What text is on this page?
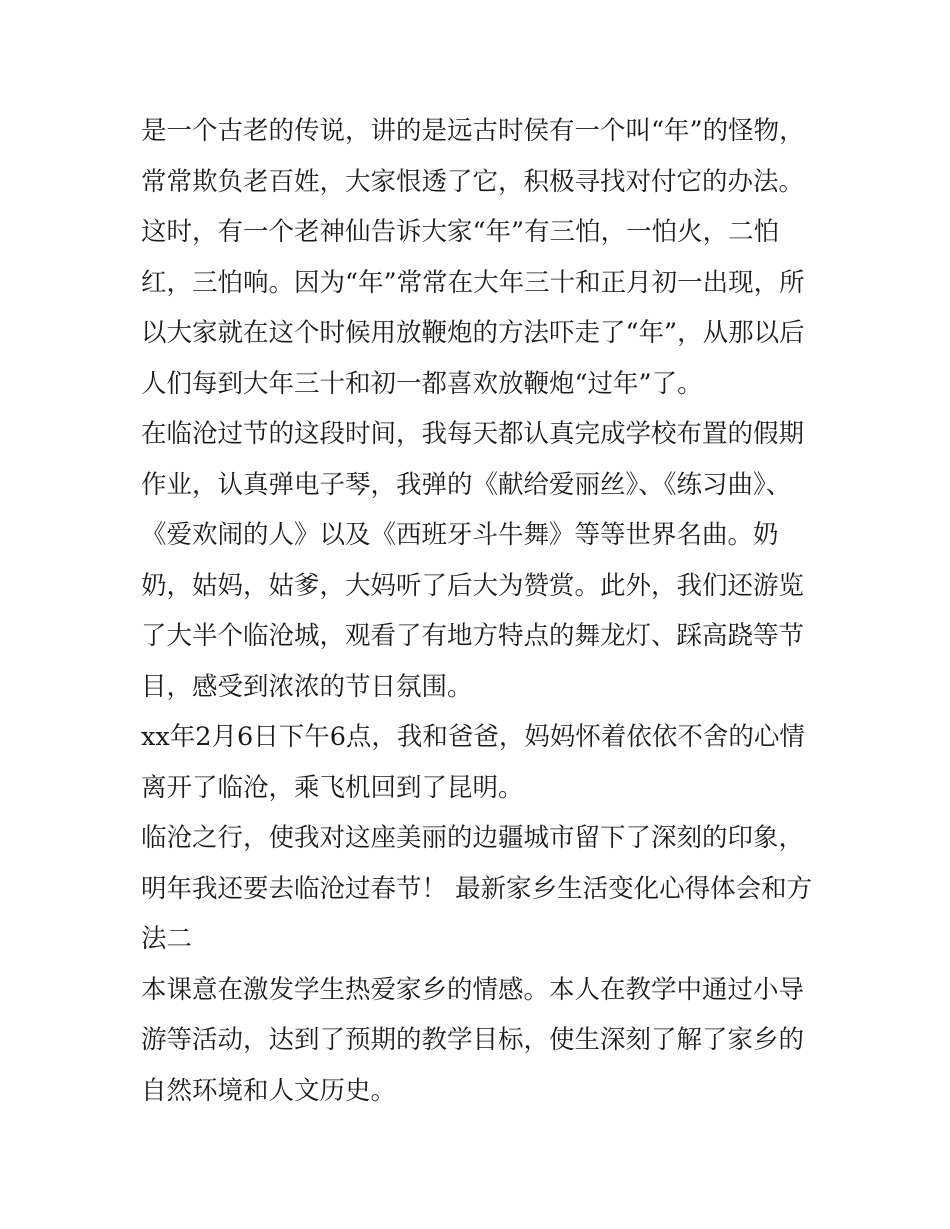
是一个古老的传说，讲的是远古时侯有一个叫“年”的怪物，常常欺负老百姓，大家恨透了它，积极寻找对付它的办法。这时，有一个老神仙告诉大家“年”有三怕，一怕火，二怕红，三怕响。因为“年”常常在大年三十和正月初一出现，所以大家就在这个时候用放鞭炮的方法吓走了“年”，从那以后人们每到大年三十和初一都喜欢放鞭炮“过年”了。

在临沧过节的这段时间，我每天都认真完成学校布置的假期作业，认真弹电子琴，我弹的《献给爱丽丝》、《练习曲》、《爱欢闹的人》以及《西班牙斗牛舞》等等世界名曲。奶奶，姑妈，姑爹，大妈听了后大为赞赏。此外，我们还游览了大半个临沧城，观看了有地方特点的舞龙灯、踩高跷等节目，感受到浓浓的节日氛围。

xx年2月6日下午6点，我和爸爸，妈妈怀着依依不舍的心情离开了临沧，乘飞机回到了昆明。

临沧之行，使我对这座美丽的边疆城市留下了深刻的印象，明年我还要去临沧过春节！ 最新家乡生活变化心得体会和方法二

本课意在激发学生热爱家乡的情感。本人在教学中通过小导游等活动，达到了预期的教学目标，使生深刻了解了家乡的自然环境和人文历史。
